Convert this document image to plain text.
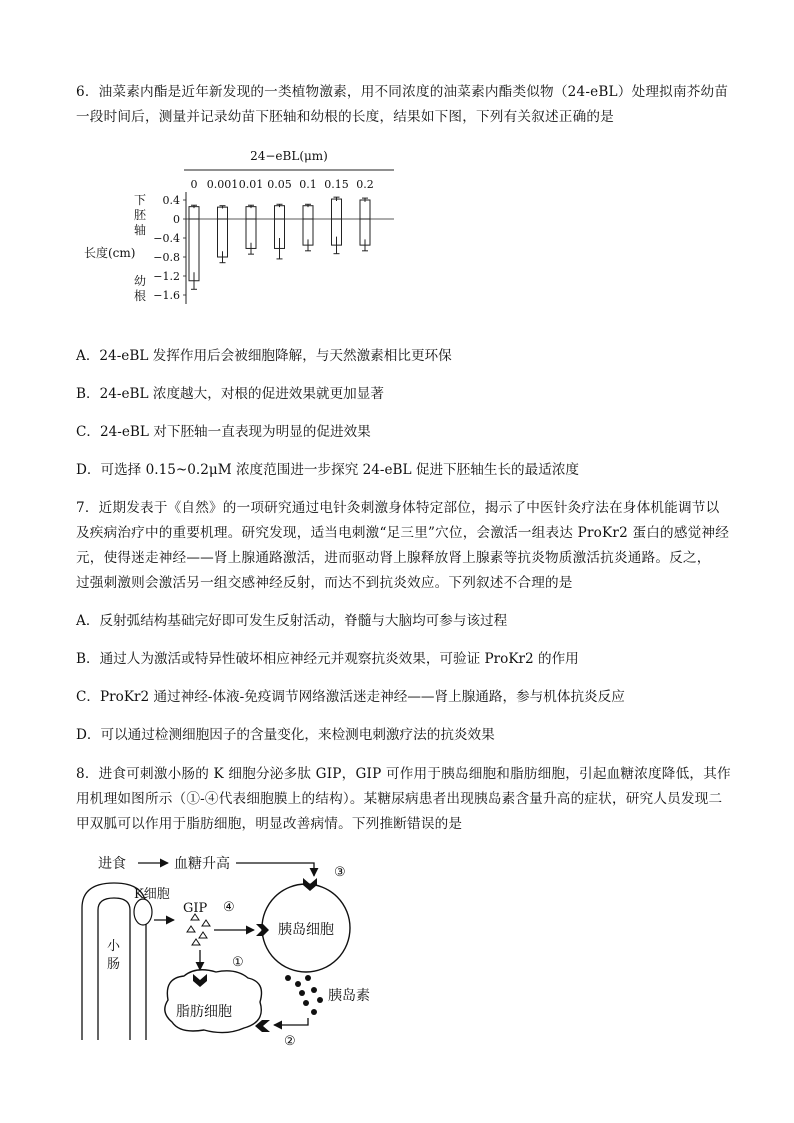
6．油菜素内酯是近年新发现的一类植物激素，用不同浓度的油菜素内酯类似物（24-eBL）处理拟南芥幼苗
一段时间后，测量并记录幼苗下胚轴和幼根的长度，结果如下图，下列有关叙述正确的是
24−eBL(μm)
0 0.001 0.01 0.05 0.1 0.15 0.2
0.4
0
−0.4
−0.8
−1.2
−1.6
下
胚
轴
幼
根
长度(cm)
A．24-eBL 发挥作用后会被细胞降解，与天然激素相比更环保
B．24-eBL 浓度越大，对根的促进效果就更加显著
C．24-eBL 对下胚轴一直表现为明显的促进效果
D．可选择 0.15~0.2μM 浓度范围进一步探究 24-eBL 促进下胚轴生长的最适浓度
7．近期发表于《自然》的一项研究通过电针灸刺激身体特定部位，揭示了中医针灸疗法在身体机能调节以
及疾病治疗中的重要机理。研究发现，适当电刺激“足三里”穴位，会激活一组表达 ProKr2 蛋白的感觉神经
元，使得迷走神经——肾上腺通路激活，进而驱动肾上腺释放肾上腺素等抗炎物质激活抗炎通路。反之，
过强刺激则会激活另一组交感神经反射，而达不到抗炎效应。下列叙述不合理的是
A．反射弧结构基础完好即可发生反射活动，脊髓与大脑均可参与该过程
B．通过人为激活或特异性破坏相应神经元并观察抗炎效果，可验证 ProKr2 的作用
C．ProKr2 通过神经-体液-免疫调节网络激活迷走神经——肾上腺通路，参与机体抗炎反应
D．可以通过检测细胞因子的含量变化，来检测电刺激疗法的抗炎效果
8．进食可刺激小肠的 K 细胞分泌多肽 GIP，GIP 可作用于胰岛细胞和脂肪细胞，引起血糖浓度降低，其作
用机理如图所示（①-④代表细胞膜上的结构）。某糖尿病患者出现胰岛素含量升高的症状，研究人员发现二
甲双胍可以作用于脂肪细胞，明显改善病情。下列推断错误的是
进食	血糖升高
③
小
肠
K细胞
GIP ④
①
胰岛细胞
胰岛素
②
脂肪细胞
